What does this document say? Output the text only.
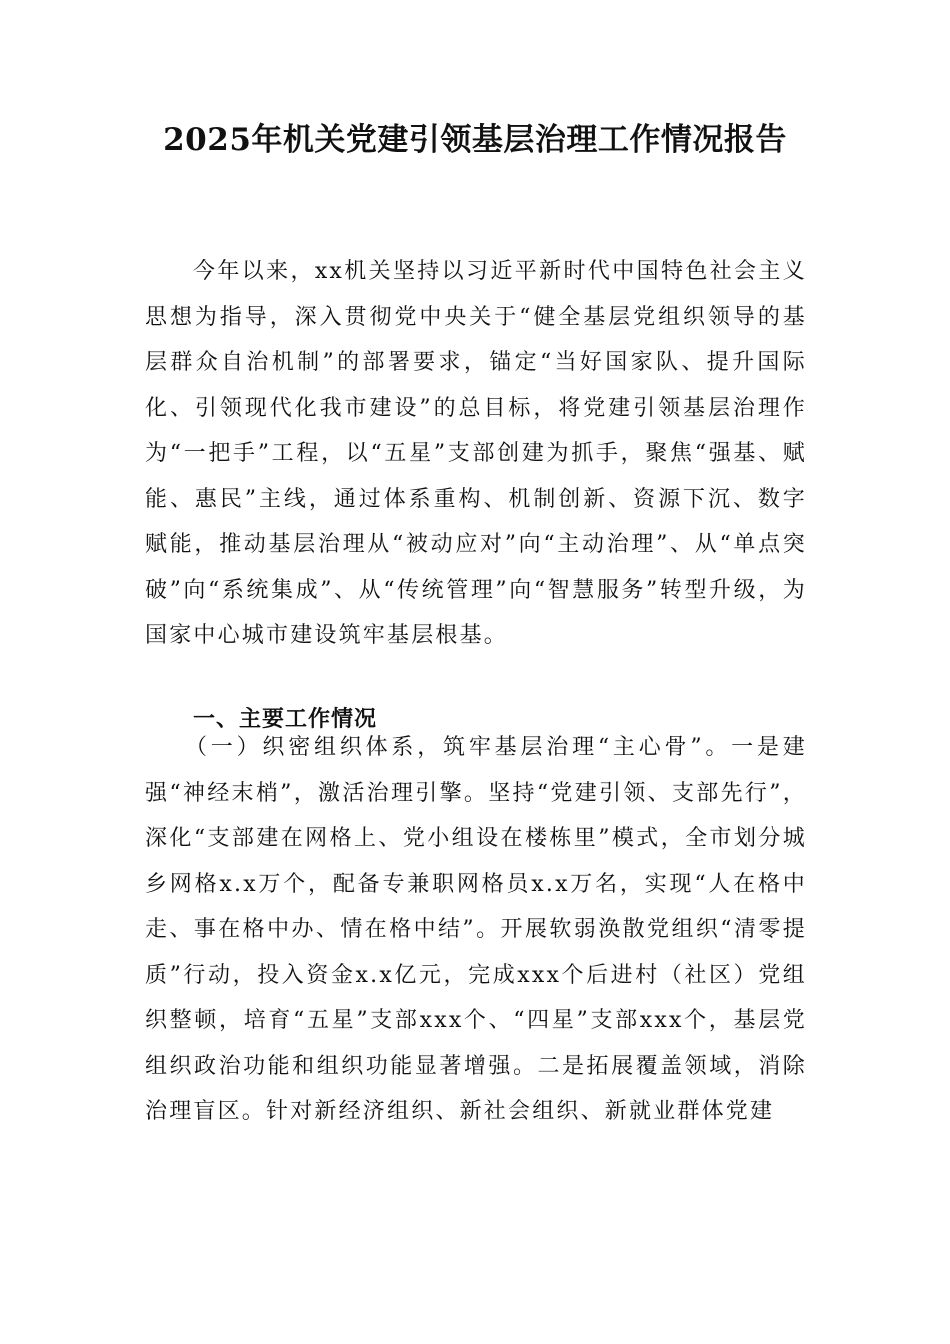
2025年机关党建引领基层治理工作情况报告

今年以来，xx机关坚持以习近平新时代中国特色社会主义思想为指导，深入贯彻党中央关于“健全基层党组织领导的基层群众自治机制”的部署要求，锚定“当好国家队、提升国际化、引领现代化我市建设”的总目标，将党建引领基层治理作为“一把手”工程，以“五星”支部创建为抓手，聚焦“强基、赋能、惠民”主线，通过体系重构、机制创新、资源下沉、数字赋能，推动基层治理从“被动应对”向“主动治理”、从“单点突破”向“系统集成”、从“传统管理”向“智慧服务”转型升级，为国家中心城市建设筑牢基层根基。

一、主要工作情况

（一）织密组织体系，筑牢基层治理“主心骨”。一是建强“神经末梢”，激活治理引擎。坚持“党建引领、支部先行”，深化“支部建在网格上、党小组设在楼栋里”模式，全市划分城乡网格x.x万个，配备专兼职网格员x.x万名，实现“人在格中走、事在格中办、情在格中结”。开展软弱涣散党组织“清零提质”行动，投入资金x.x亿元，完成xxx个后进村（社区）党组织整顿，培育“五星”支部xxx个、“四星”支部xxx个，基层党组织政治功能和组织功能显著增强。二是拓展覆盖领域，消除治理盲区。针对新经济组织、新社会组织、新就业群体党建
